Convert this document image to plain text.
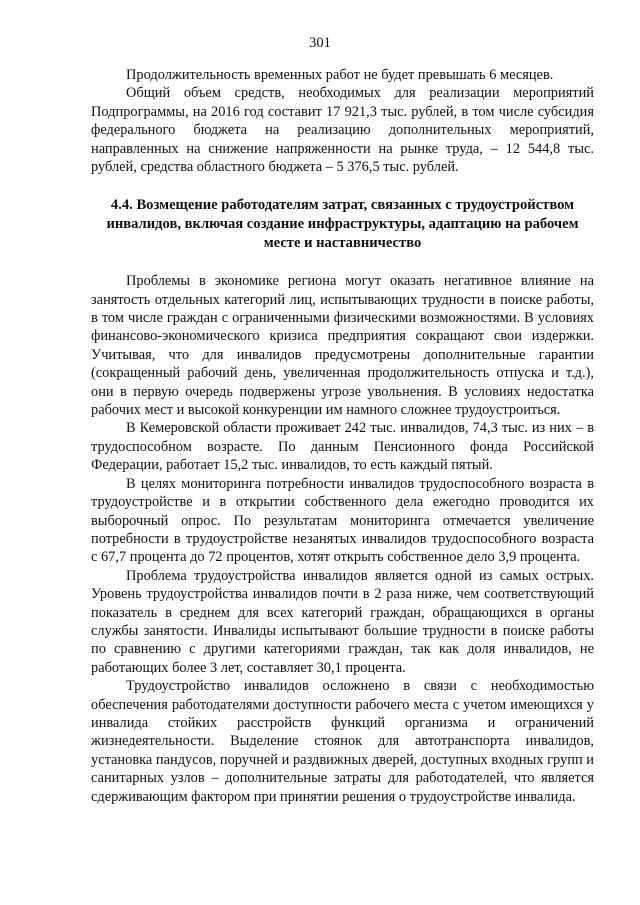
301

Продолжительность временных работ не будет превышать 6 месяцев.

Общий объем средств, необходимых для реализации мероприятий Подпрограммы, на 2016 год составит 17 921,3 тыс. рублей, в том числе субсидия федерального бюджета на реализацию дополнительных мероприятий, направленных на снижение напряженности на рынке труда, – 12 544,8 тыс. рублей, средства областного бюджета – 5 376,5 тыс. рублей.

4.4. Возмещение работодателям затрат, связанных с трудоустройством инвалидов, включая создание инфраструктуры, адаптацию на рабочем месте и наставничество

Проблемы в экономике региона могут оказать негативное влияние на занятость отдельных категорий лиц, испытывающих трудности в поиске работы, в том числе граждан с ограниченными физическими возможностями. В условиях финансово-экономического кризиса предприятия сокращают свои издержки. Учитывая, что для инвалидов предусмотрены дополнительные гарантии (сокращенный рабочий день, увеличенная продолжительность отпуска и т.д.), они в первую очередь подвержены угрозе увольнения. В условиях недостатка рабочих мест и высокой конкуренции им намного сложнее трудоустроиться.

В Кемеровской области проживает 242 тыс. инвалидов, 74,3 тыс. из них – в трудоспособном возрасте. По данным Пенсионного фонда Российской Федерации, работает 15,2 тыс. инвалидов, то есть каждый пятый.

В целях мониторинга потребности инвалидов трудоспособного возраста в трудоустройстве и в открытии собственного дела ежегодно проводится их выборочный опрос. По результатам мониторинга отмечается увеличение потребности в трудоустройстве незанятых инвалидов трудоспособного возраста с 67,7 процента до 72 процентов, хотят открыть собственное дело 3,9 процента.

Проблема трудоустройства инвалидов является одной из самых острых. Уровень трудоустройства инвалидов почти в 2 раза ниже, чем соответствующий показатель в среднем для всех категорий граждан, обращающихся в органы службы занятости. Инвалиды испытывают большие трудности в поиске работы по сравнению с другими категориями граждан, так как доля инвалидов, не работающих более 3 лет, составляет 30,1 процента.

Трудоустройство инвалидов осложнено в связи с необходимостью обеспечения работодателями доступности рабочего места с учетом имеющихся у инвалида стойких расстройств функций организма и ограничений жизнедеятельности. Выделение стоянок для автотранспорта инвалидов, установка пандусов, поручней и раздвижных дверей, доступных входных групп и санитарных узлов – дополнительные затраты для работодателей, что является сдерживающим фактором при принятии решения о трудоустройстве инвалида.
